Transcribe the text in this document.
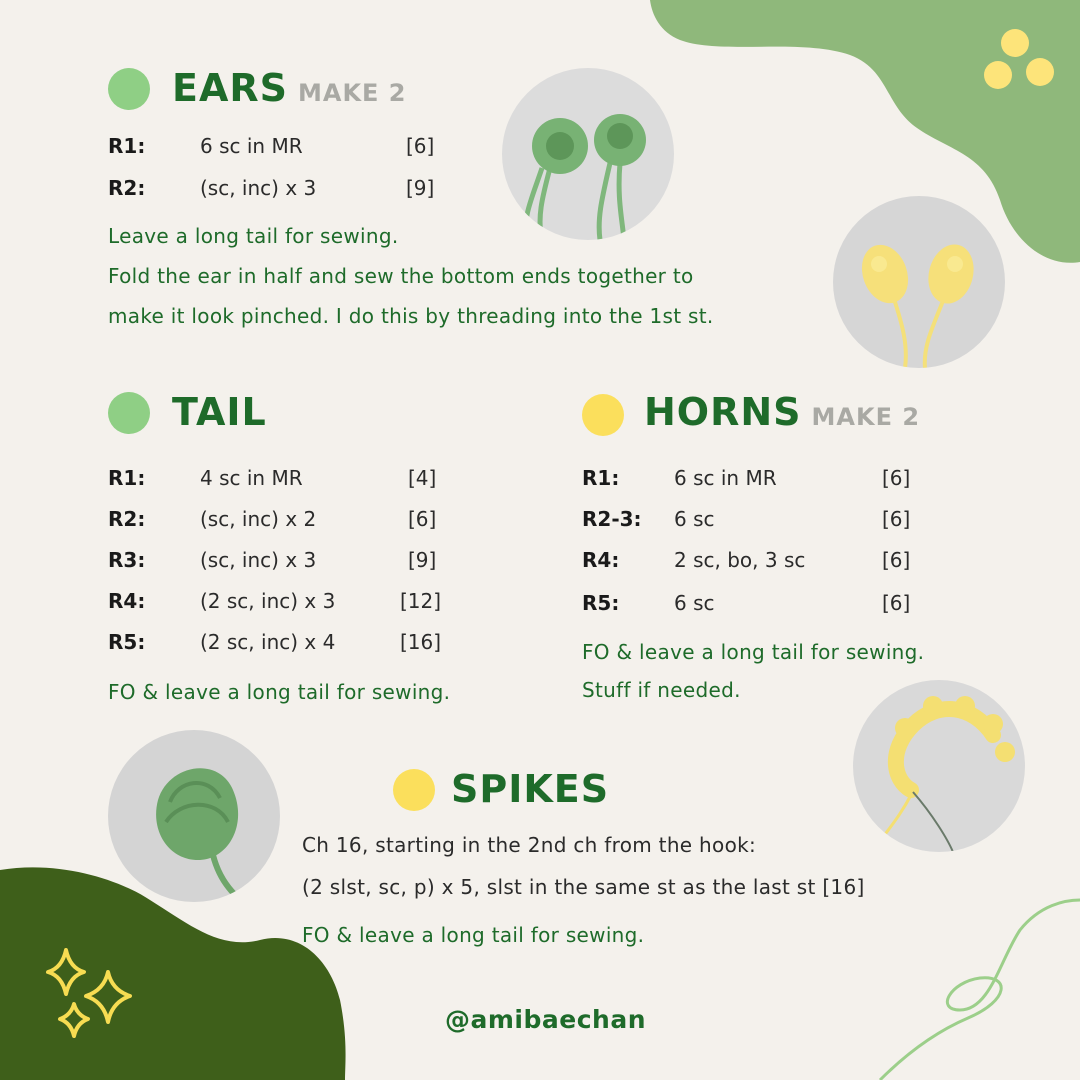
EARS MAKE 2
R1:	6 sc in MR	[6]
R2:	(sc, inc) x 3	[9]
Leave a long tail for sewing.
Fold the ear in half and sew the bottom ends together to
make it look pinched. I do this by threading into the 1st st.
TAIL
R1:	4 sc in MR	[4]
R2:	(sc, inc) x 2	[6]
R3:	(sc, inc) x 3	[9]
R4:	(2 sc, inc) x 3	[12]
R5:	(2 sc, inc) x 4	[16]
FO & leave a long tail for sewing.
HORNS MAKE 2
R1:	6 sc in MR	[6]
R2-3: 6 sc	[6]
R4:	2 sc, bo, 3 sc	[6]
R5:	6 sc	[6]
FO & leave a long tail for sewing.
Stuff if needed.
SPIKES
Ch 16, starting in the 2nd ch from the hook:
(2 slst, sc, p) x 5, slst in the same st as the last st [16]
FO & leave a long tail for sewing.
@amibaechan
